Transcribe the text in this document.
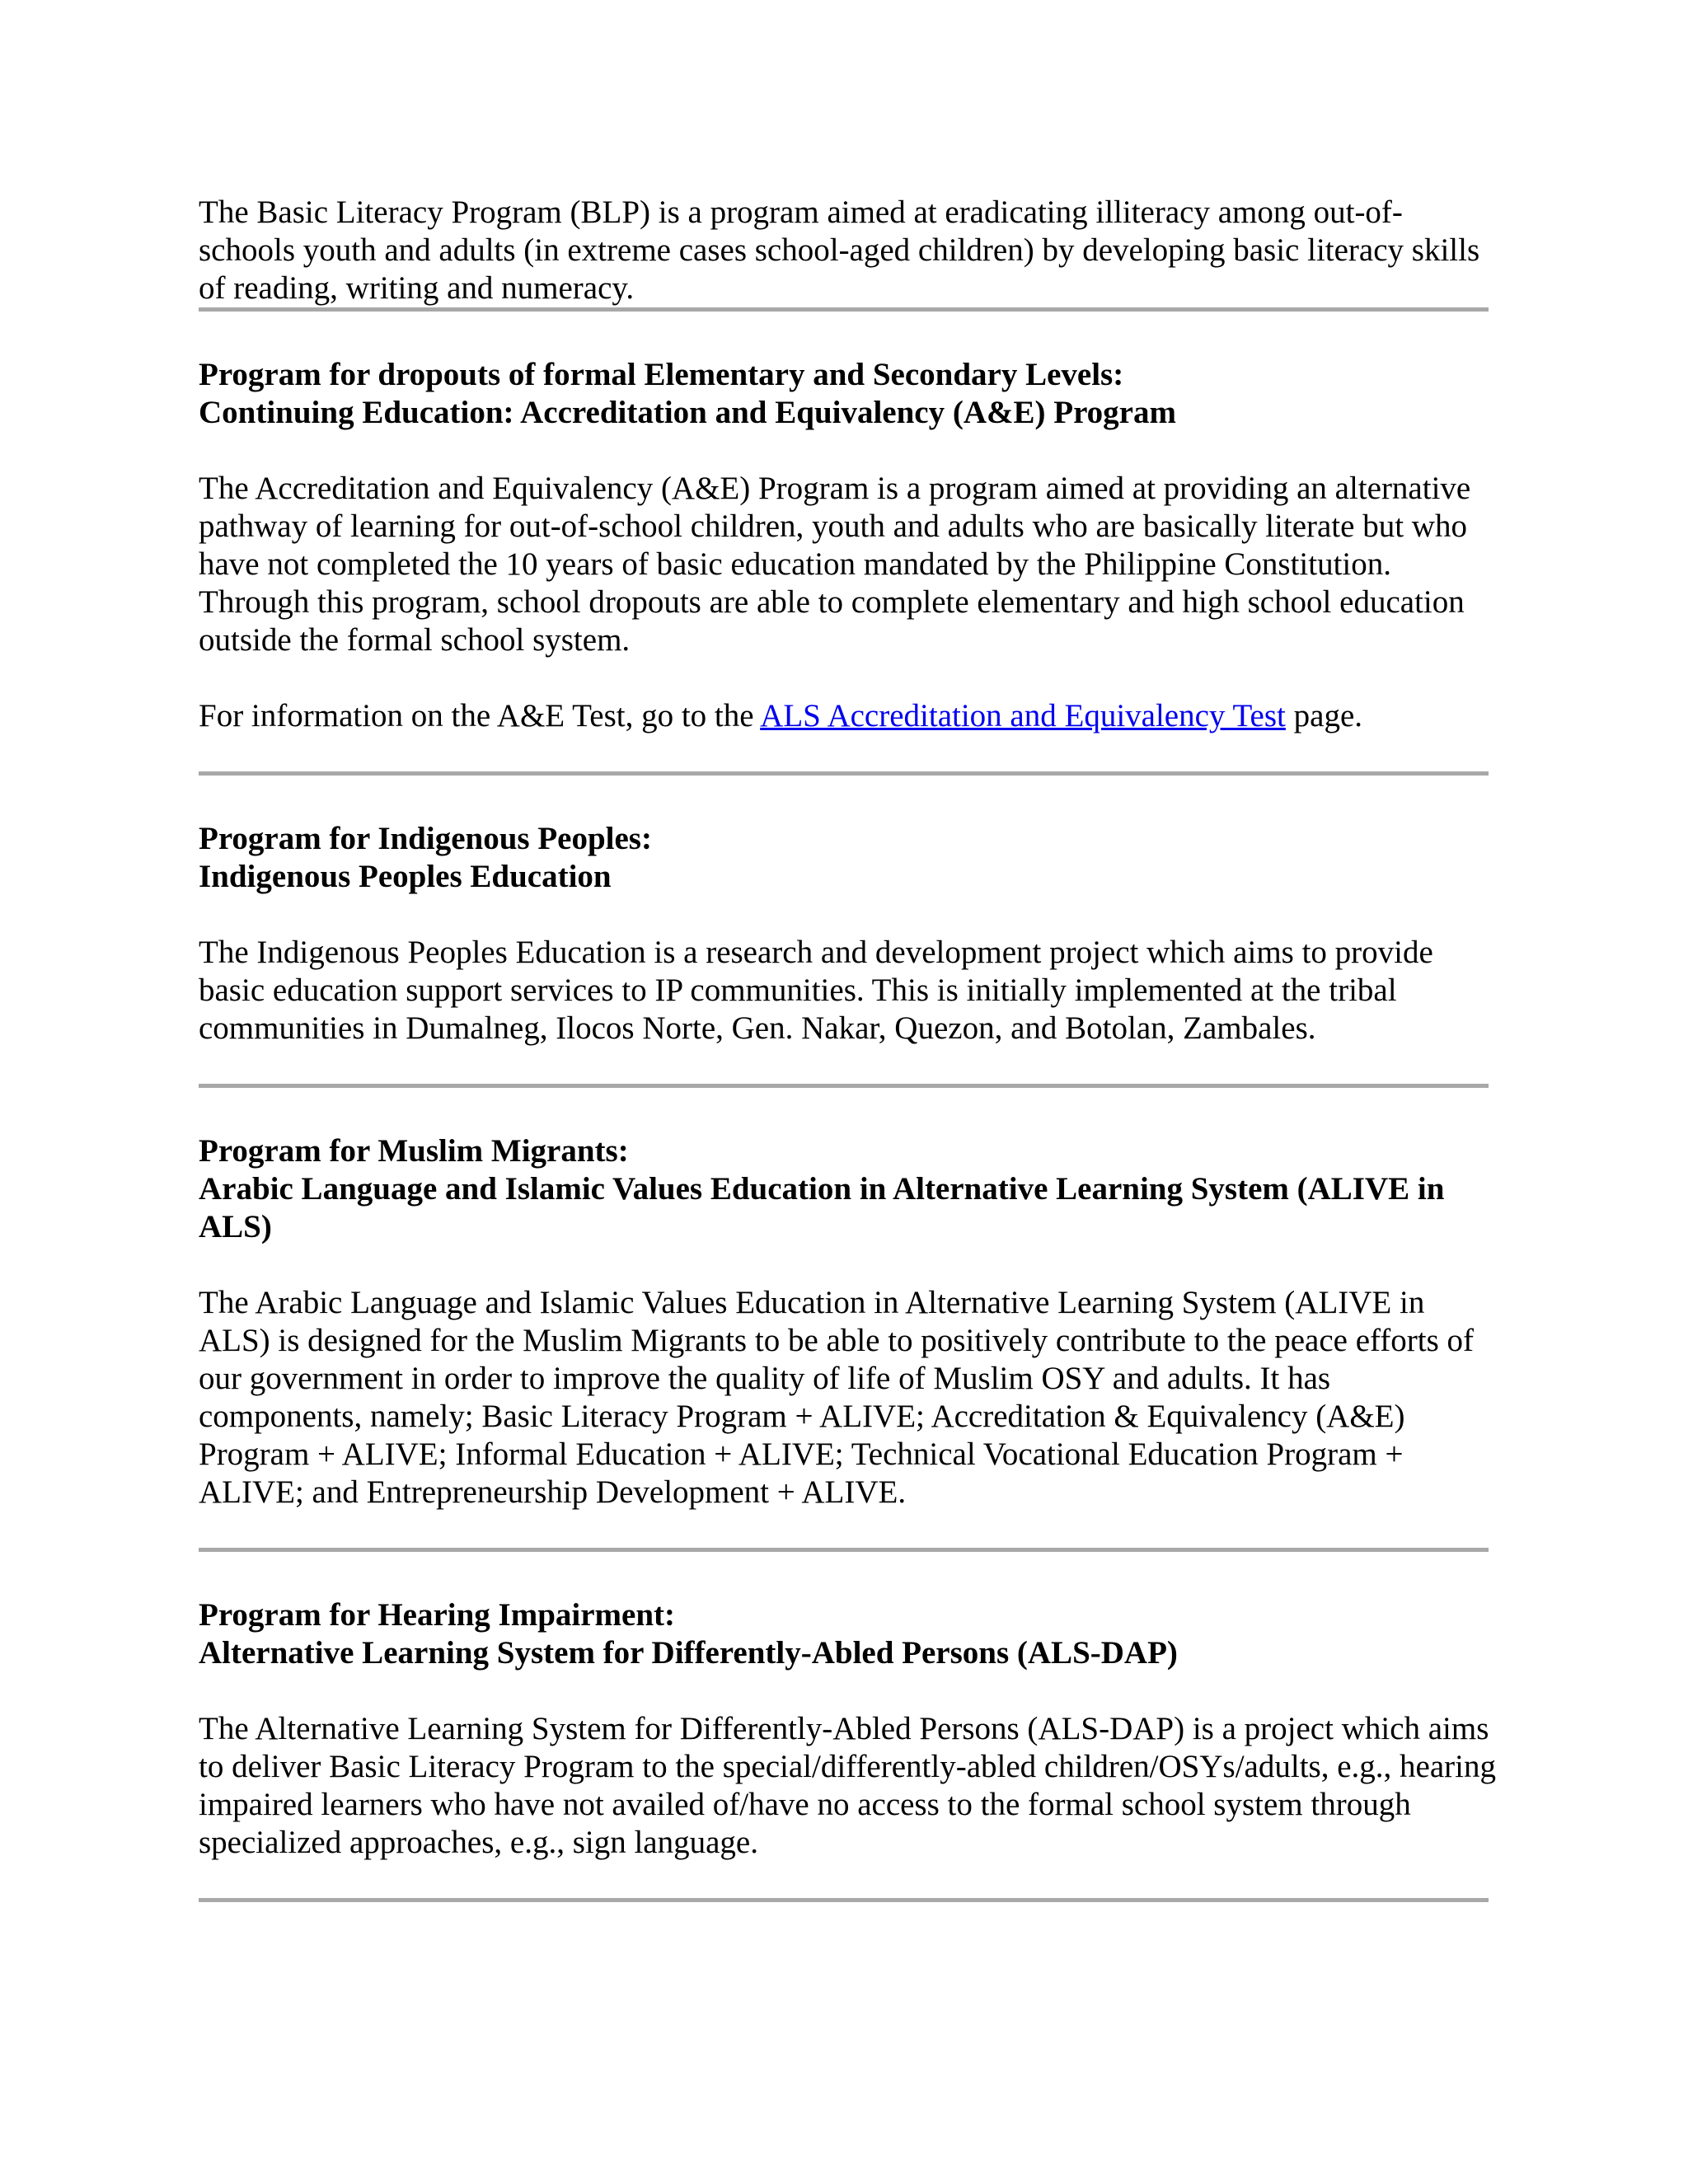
The Basic Literacy Program (BLP) is a program aimed at eradicating illiteracy among out-of-schools youth and adults (in extreme cases school-aged children) by developing basic literacy skills of reading, writing and numeracy.

Program for dropouts of formal Elementary and Secondary Levels:
Continuing Education: Accreditation and Equivalency (A&E) Program

The Accreditation and Equivalency (A&E) Program is a program aimed at providing an alternative pathway of learning for out-of-school children, youth and adults who are basically literate but who have not completed the 10 years of basic education mandated by the Philippine Constitution. Through this program, school dropouts are able to complete elementary and high school education outside the formal school system.

For information on the A&E Test, go to the ALS Accreditation and Equivalency Test page.

Program for Indigenous Peoples:
Indigenous Peoples Education

The Indigenous Peoples Education is a research and development project which aims to provide basic education support services to IP communities. This is initially implemented at the tribal communities in Dumalneg, Ilocos Norte, Gen. Nakar, Quezon, and Botolan, Zambales.

Program for Muslim Migrants:
Arabic Language and Islamic Values Education in Alternative Learning System (ALIVE in ALS)

The Arabic Language and Islamic Values Education in Alternative Learning System (ALIVE in ALS) is designed for the Muslim Migrants to be able to positively contribute to the peace efforts of our government in order to improve the quality of life of Muslim OSY and adults. It has components, namely; Basic Literacy Program + ALIVE; Accreditation & Equivalency (A&E) Program + ALIVE; Informal Education + ALIVE; Technical Vocational Education Program + ALIVE; and Entrepreneurship Development + ALIVE.

Program for Hearing Impairment:
Alternative Learning System for Differently-Abled Persons (ALS-DAP)

The Alternative Learning System for Differently-Abled Persons (ALS-DAP) is a project which aims to deliver Basic Literacy Program to the special/differently-abled children/OSYs/adults, e.g., hearing impaired learners who have not availed of/have no access to the formal school system through specialized approaches, e.g., sign language.
